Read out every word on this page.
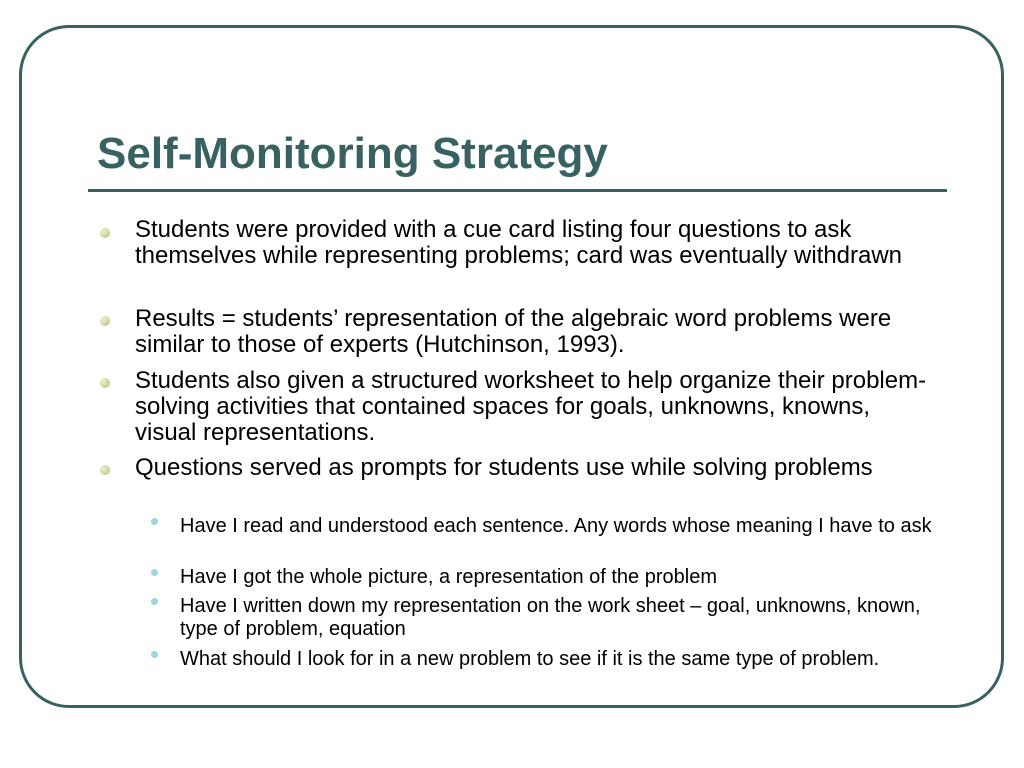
Self-Monitoring Strategy

Students were provided with a cue card listing four questions to ask themselves while representing problems; card was eventually withdrawn

Results = students’ representation of the algebraic word problems were similar to those of experts (Hutchinson, 1993).

Students also given a structured worksheet to help organize their problem-solving activities that contained spaces for goals, unknowns, knowns, visual representations.

Questions served as prompts for students use while solving problems

Have I read and understood each sentence. Any words whose meaning I have to ask

Have I got the whole picture, a representation of the problem

Have I written down my representation on the work sheet – goal, unknowns, known, type of problem, equation

What should I look for in a new problem to see if it is the same type of problem.
